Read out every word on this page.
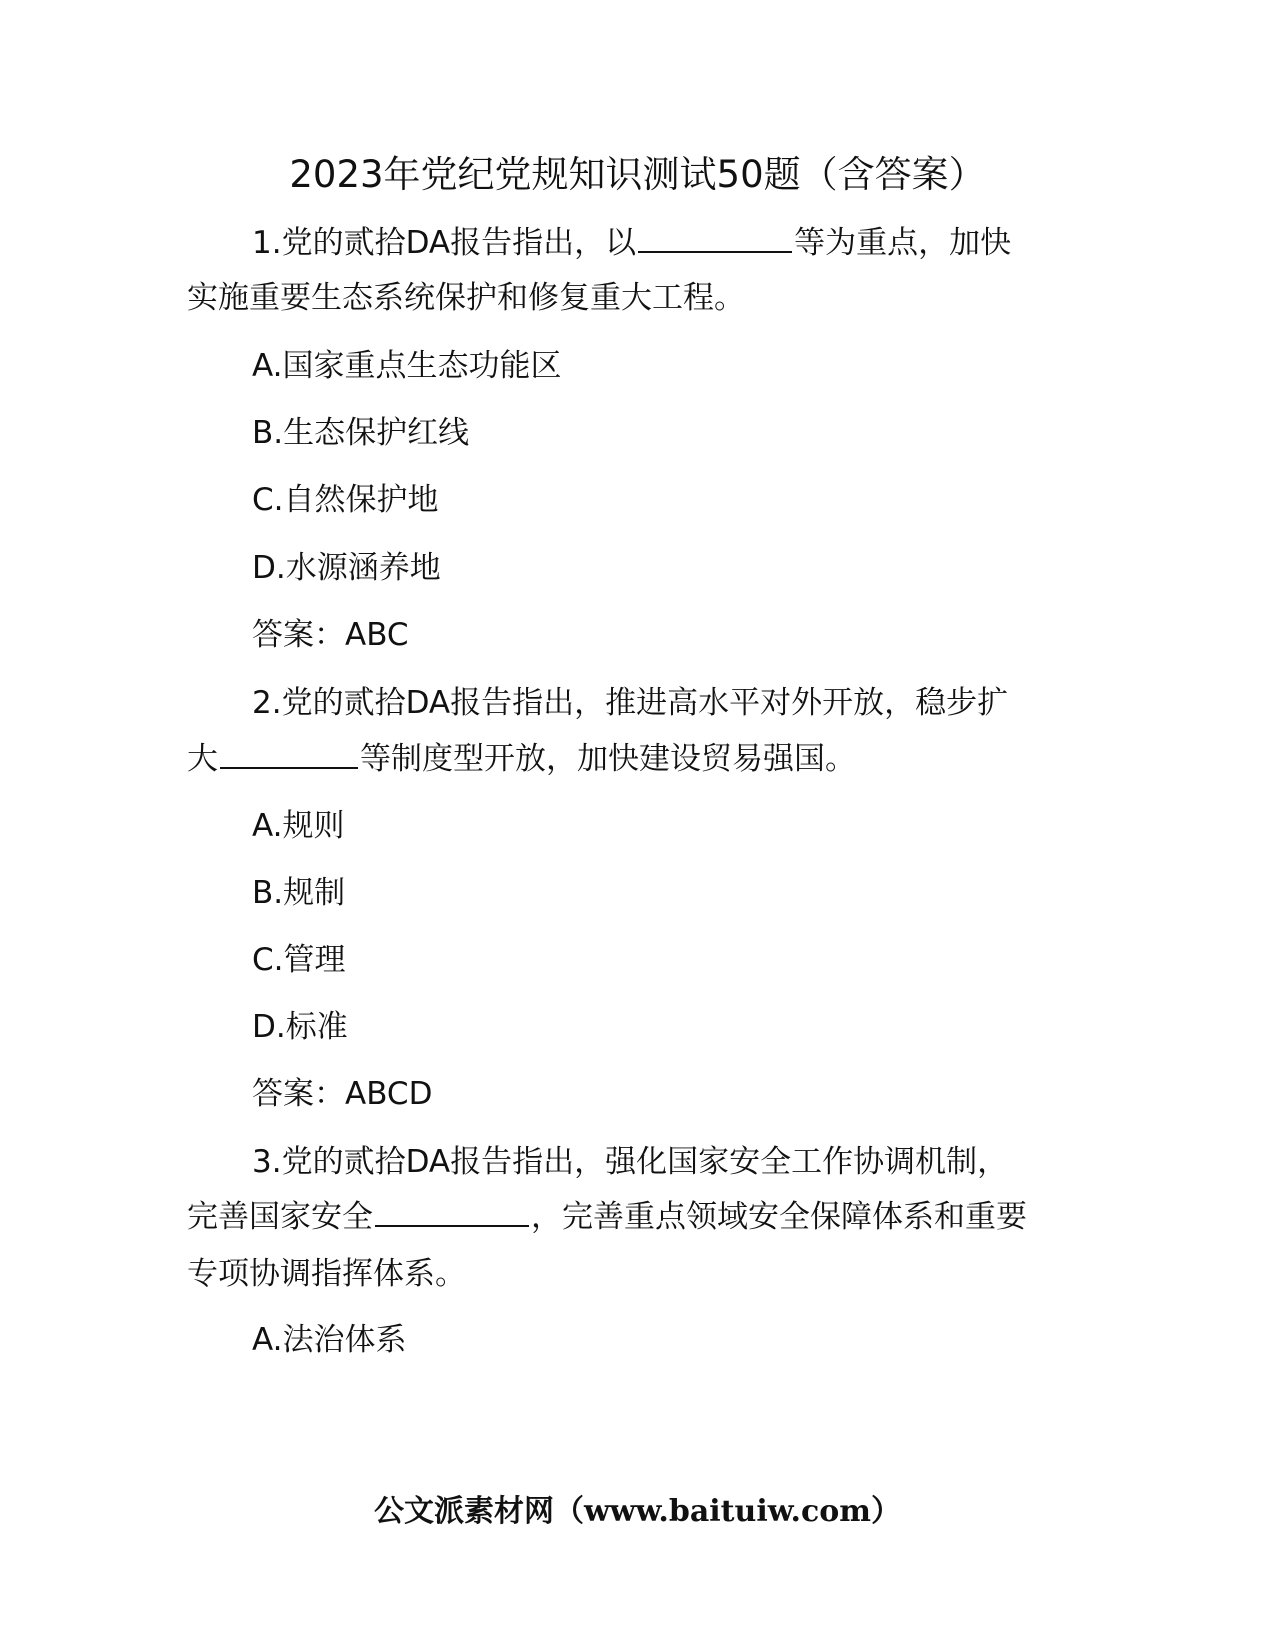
2023年党纪党规知识测试50题（含答案）
1.党的贰拾DA报告指出，以	等为重点，加快
实施重要生态系统保护和修复重大工程。
A.国家重点生态功能区
B.生态保护红线
C.自然保护地
D.水源涵养地
答案：ABC
2.党的贰拾DA报告指出，推进高水平对外开放，稳步扩
大	等制度型开放，加快建设贸易强国。
A.规则
B.规制
C.管理
D.标准
答案：ABCD
3.党的贰拾DA报告指出，强化国家安全工作协调机制，
完善国家安全	，完善重点领域安全保障体系和重要
专项协调指挥体系。
A.法治体系
公文派素材网（www.baituiw.com）
